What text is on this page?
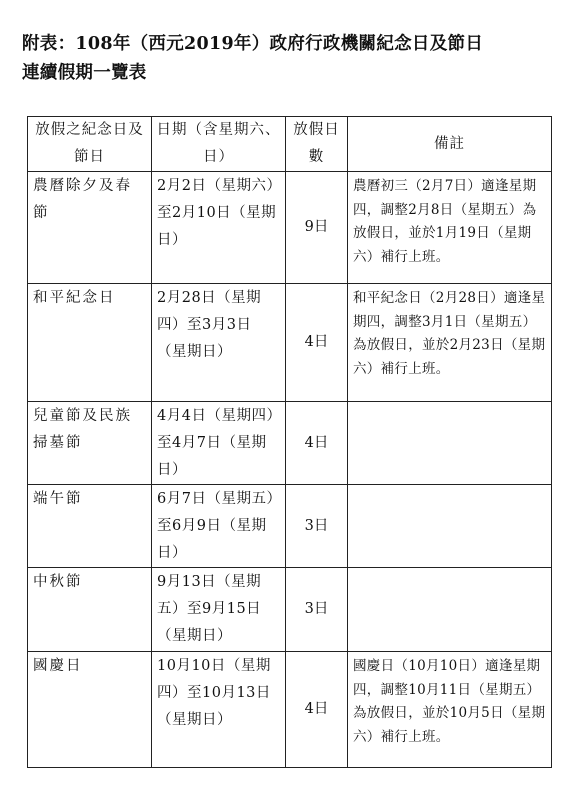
附表：108年（西元2019年）政府行政機關紀念日及節日
連續假期一覽表
放假之紀念日及節日	日期（含星期六、日）	放假日數	備註
農曆除夕及春節	2月2日（星期六）至2月10日（星期日）	9日	農曆初三（2月7日）適逢星期四，調整2月8日（星期五）為放假日，並於1月19日（星期六）補行上班。
和平紀念日	2月28日（星期四）至3月3日（星期日）	4日	和平紀念日（2月28日）適逢星期四，調整3月1日（星期五）為放假日，並於2月23日（星期六）補行上班。
兒童節及民族掃墓節	4月4日（星期四）至4月7日（星期日）	4日	
端午節	6月7日（星期五）至6月9日（星期日）	3日	
中秋節	9月13日（星期五）至9月15日（星期日）	3日	
國慶日	10月10日（星期四）至10月13日（星期日）	4日	國慶日（10月10日）適逢星期四，調整10月11日（星期五）為放假日，並於10月5日（星期六）補行上班。
